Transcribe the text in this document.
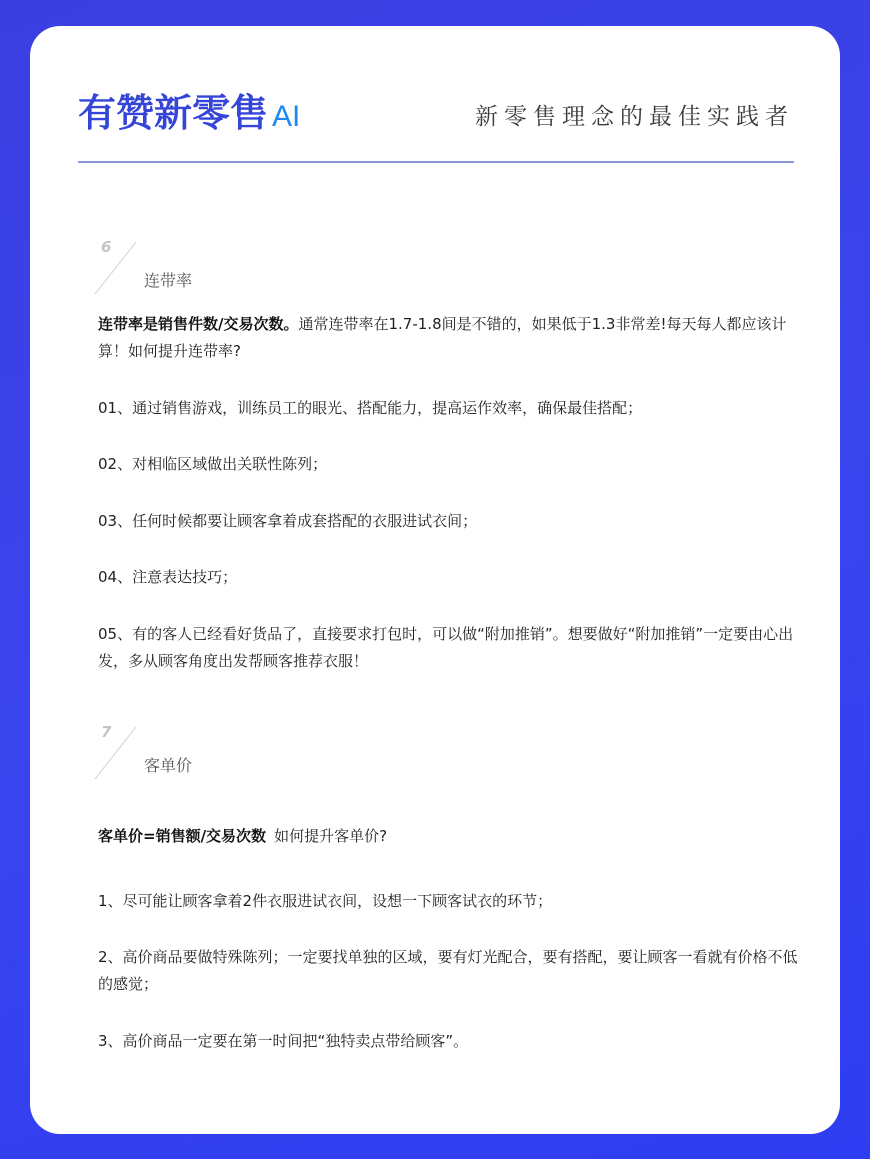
有赞新零售 AI	新零售理念的最佳实践者
6
连带率

连带率是销售件数/交易次数。通常连带率在1.7-1.8间是不错的，如果低于1.3非常差!每天每人都应该计算！如何提升连带率?

01、通过销售游戏，训练员工的眼光、搭配能力，提高运作效率，确保最佳搭配；

02、对相临区域做出关联性陈列；

03、任何时候都要让顾客拿着成套搭配的衣服进试衣间；

04、注意表达技巧；

05、有的客人已经看好货品了，直接要求打包时，可以做“附加推销”。想要做好“附加推销”一定要由心出发，多从顾客角度出发帮顾客推荐衣服！

7
客单价

客单价=销售额/交易次数 如何提升客单价?

1、尽可能让顾客拿着2件衣服进试衣间，设想一下顾客试衣的环节；

2、高价商品要做特殊陈列；一定要找单独的区域，要有灯光配合，要有搭配，要让顾客一看就有价格不低的感觉；

3、高价商品一定要在第一时间把“独特卖点带给顾客”。
